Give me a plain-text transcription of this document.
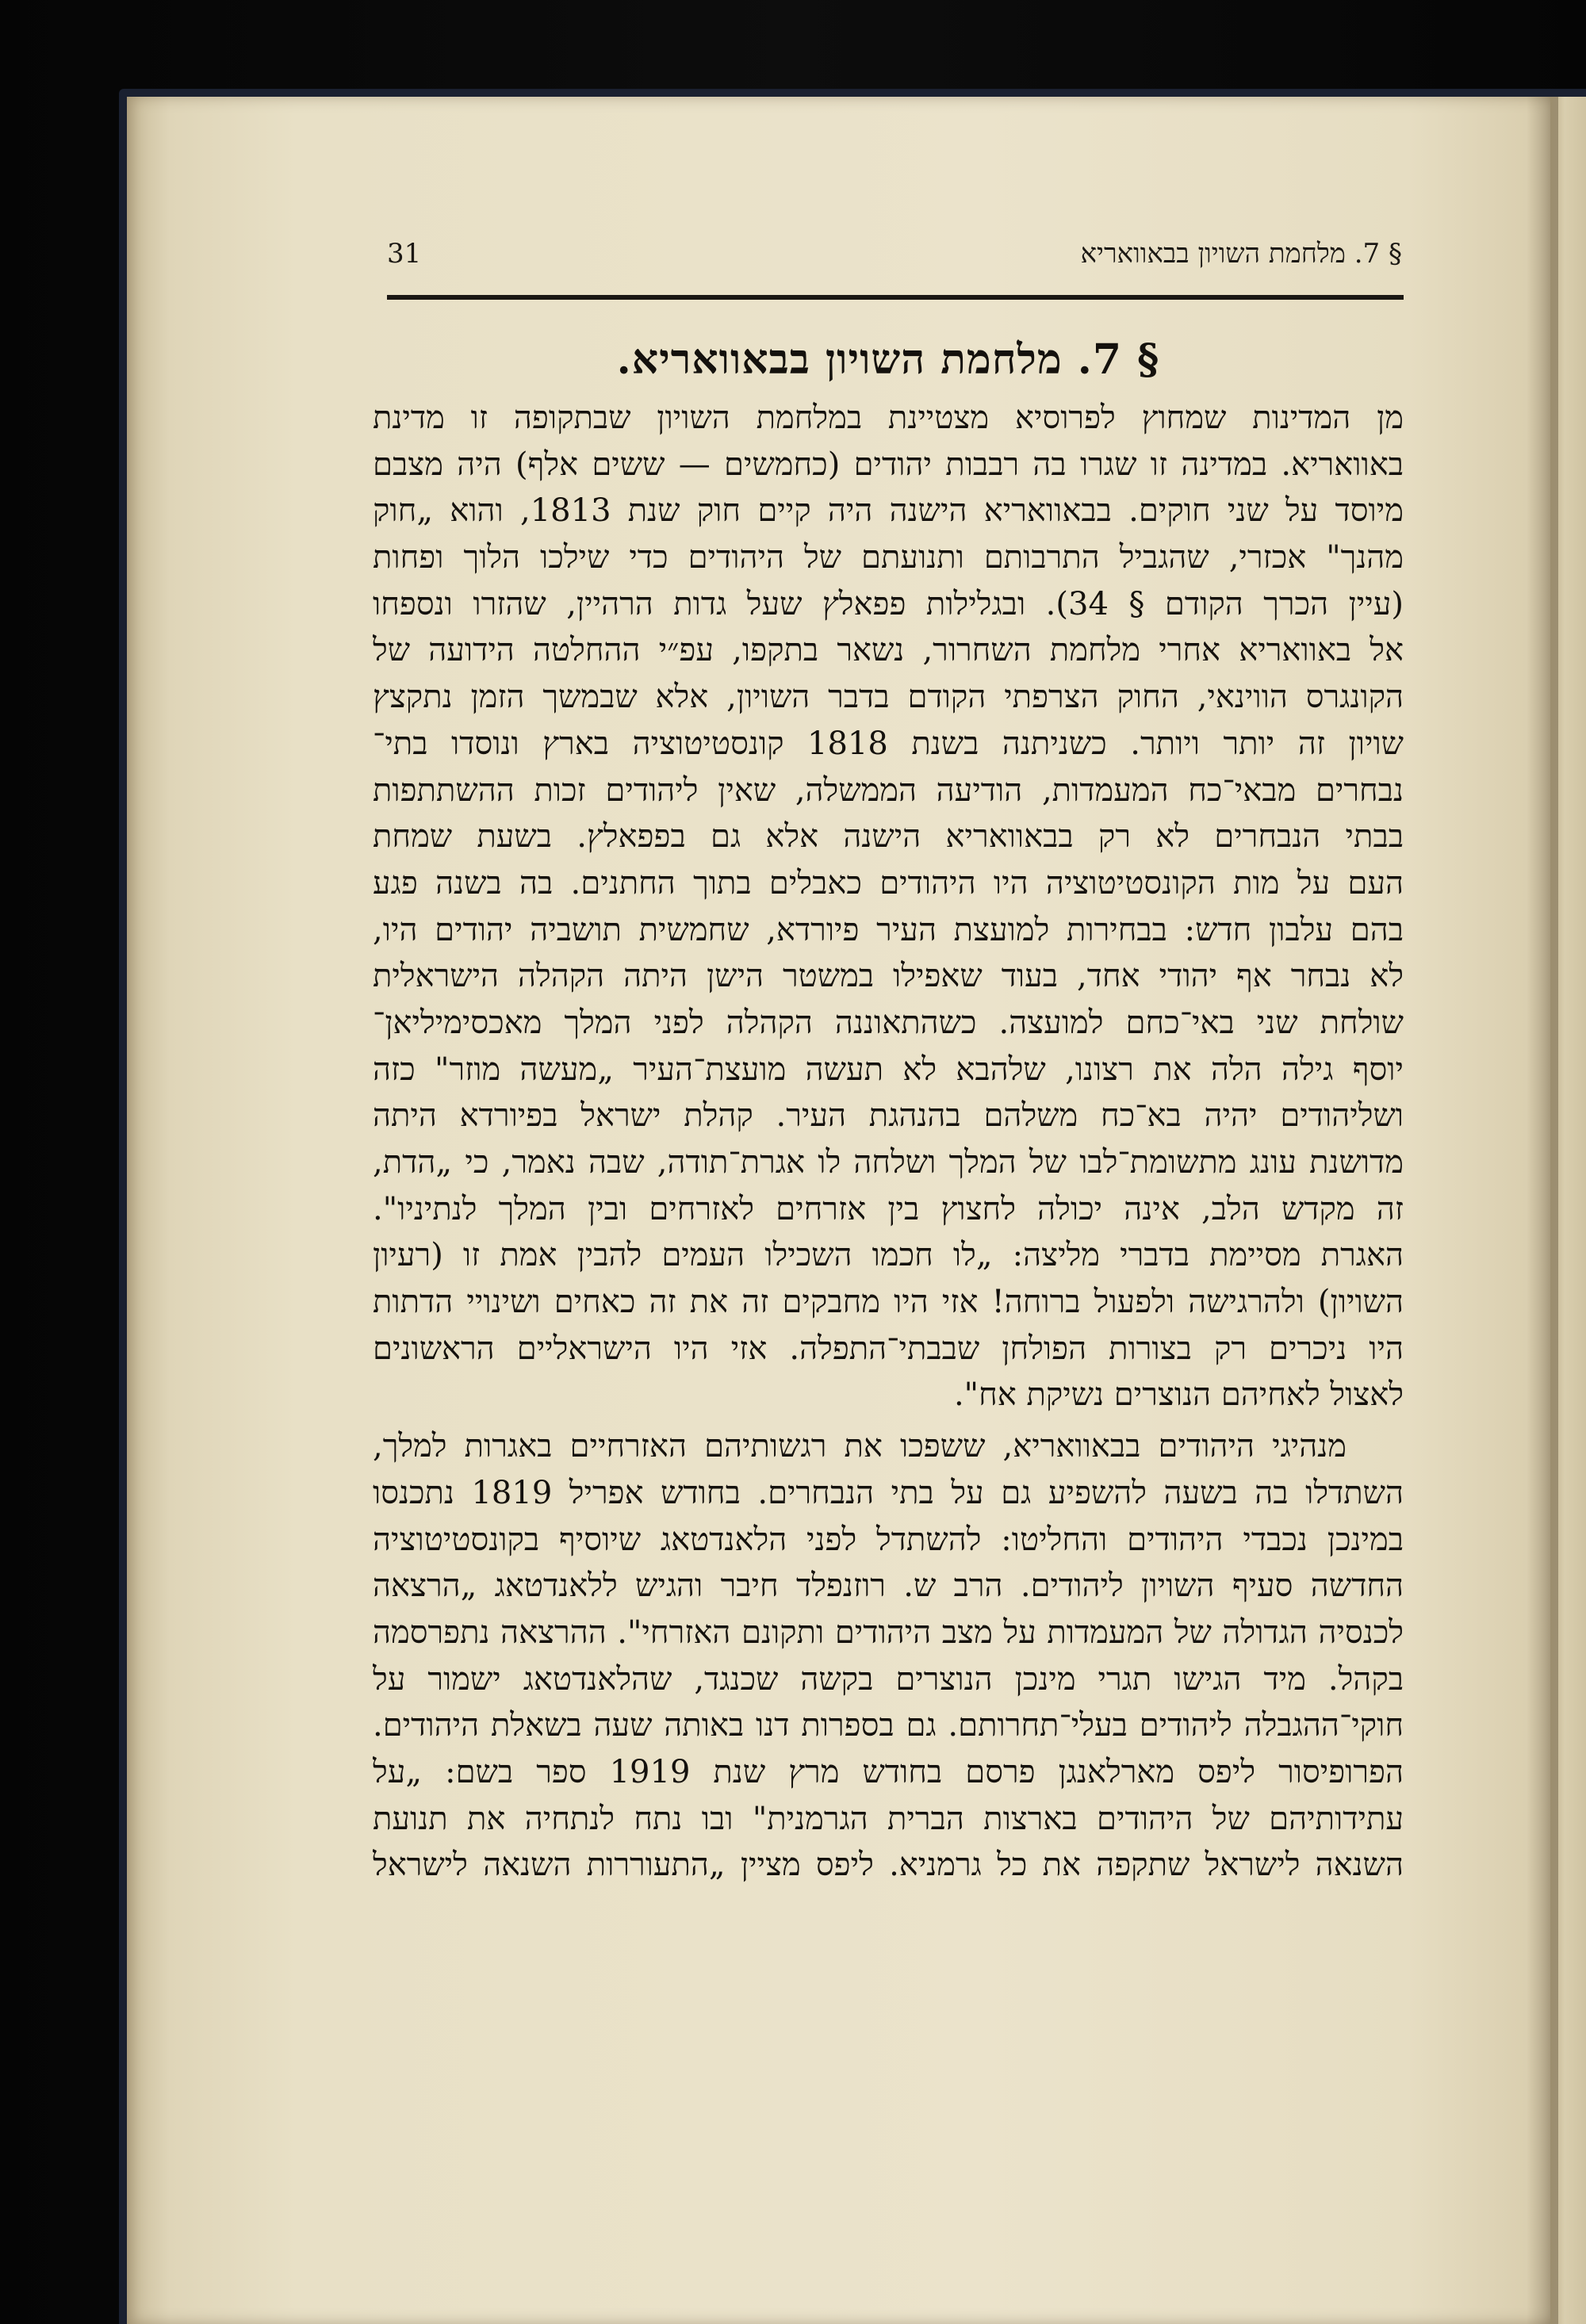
31	§ 7. מלחמת השויון בבאוואריא
§ 7. מלחמת השויון בבאוואריא.
מן המדינות שמחוץ לפרוסיא מצטיינת במלחמת השויון שבתקופה זו מדינת
באוואריא. במדינה זו שגרו בה רבבות יהודים (כחמשים — ששים אלף) היה מצבם
מיוסד על שני חוקים. בבאוואריא הישנה היה קיים חוק שנת 1813, והוא „חוק
מהנך" אכזרי, שהגביל התרבותם ותנועתם של היהודים כדי שילכו הלוך ופחות
(עיין הכרך הקודם § 34). ובגלילות פפאלץ שעל גדות הרהיין, שהזרו ונספחו
אל באוואריא אחרי מלחמת השחרור, נשאר בתקפו, עפ״י ההחלטה הידועה של
הקונגרס הווינאי, החוק הצרפתי הקודם בדבר השויון, אלא שבמשך הזמן נתקצץ
שויון זה יותר ויותר. כשניתנה בשנת 1818 קונסטיטוציה בארץ ונוסדו בתי־
נבחרים מבאי־כח המעמדות, הודיעה הממשלה, שאין ליהודים זכות ההשתתפות
בבתי הנבחרים לא רק בבאוואריא הישנה אלא גם בפפאלץ. בשעת שמחת
העם על מות הקונסטיטוציה היו היהודים כאבלים בתוך החתנים. בה בשנה פגע
בהם עלבון חדש: בבחירות למועצת העיר פיורדא, שחמשית תושביה יהודים היו,
לא נבחר אף יהודי אחד, בעוד שאפילו במשטר הישן היתה הקהלה הישראלית
שולחת שני באי־כחם למועצה. כשהתאוננה הקהלה לפני המלך מאכסימיליאן־
יוסף גילה הלה את רצונו, שלהבא לא תעשה מועצת־העיר „מעשה מוזר" כזה
ושליהודים יהיה בא־כח משלהם בהנהגת העיר. קהלת ישראל בפיורדא היתה
מדושנת עונג מתשומת־לבו של המלך ושלחה לו אגרת־תודה, שבה נאמר, כי „הדת,
זה מקדש הלב, אינה יכולה לחצוץ בין אזרחים לאזרחים ובין המלך לנתיניו".
האגרת מסיימת בדברי מליצה: „לו חכמו השכילו העמים להבין אמת זו (רעיון
השויון) ולהרגישה ולפעול ברוחה! אזי היו מחבקים זה את זה כאחים ושינויי הדתות
היו ניכרים רק בצורות הפולחן שבבתי־התפלה. אזי היו הישראליים הראשונים
לאצול לאחיהם הנוצרים נשיקת אח".
מנהיגי היהודים בבאוואריא, ששפכו את רגשותיהם האזרחיים באגרות למלך,
השתדלו בה בשעה להשפיע גם על בתי הנבחרים. בחודש אפריל 1819 נתכנסו
במינכן נכבדי היהודים והחליטו: להשתדל לפני הלאנדטאג שיוסיף בקונסטיטוציה
החדשה סעיף השויון ליהודים. הרב ש. רוזנפלד חיבר והגיש ללאנדטאג „הרצאה
לכנסיה הגדולה של המעמדות על מצב היהודים ותקונם האזרחי". ההרצאה נתפרסמה
בקהל. מיד הגישו תגרי מינכן הנוצרים בקשה שכנגד, שהלאנדטאג ישמור על
חוקי־ההגבלה ליהודים בעלי־תחרותם. גם בספרות דנו באותה שעה בשאלת היהודים.
הפרופיסור ליפס מארלאנגן פרסם בחודש מרץ שנת 1919 ספר בשם: „על
עתידותיהם של היהודים בארצות הברית הגרמנית" ובו נתח לנתחיה את תנועת
השנאה לישראל שתקפה את כל גרמניא. ליפס מציין „התעוררות השנאה לישראל
